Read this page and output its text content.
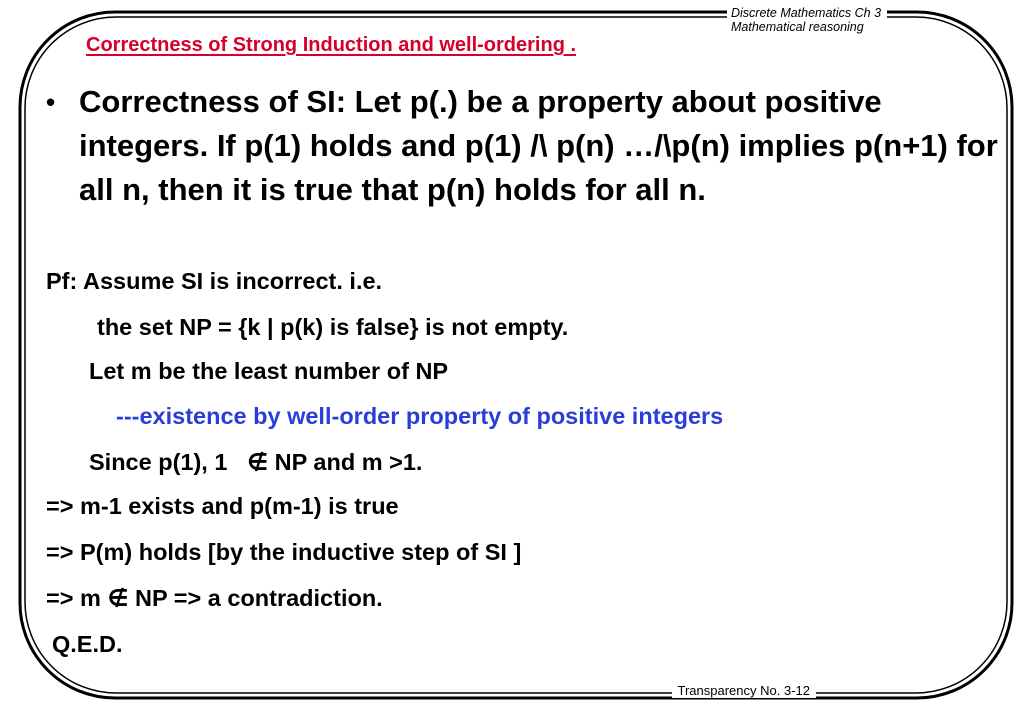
Discrete Mathematics Ch 3
Mathematical reasoning
Correctness of Strong Induction and well-ordering .
• Correctness of SI: Let p(.) be a property about positive integers. If p(1) holds and p(1) /\ p(n) …/\p(n) implies p(n+1) for all n, then it is true that p(n) holds for all n.
Pf: Assume SI is incorrect. i.e.
the set NP = {k | p(k) is false} is not empty.
Let m be the least number of NP
---existence by well-order property of positive integers
Since p(1), 1 ∉ NP and m >1.
=> m-1 exists and p(m-1) is true
=> P(m) holds [by the inductive step of SI ]
=> m ∉ NP => a contradiction.
Q.E.D.
Transparency No. 3-12
